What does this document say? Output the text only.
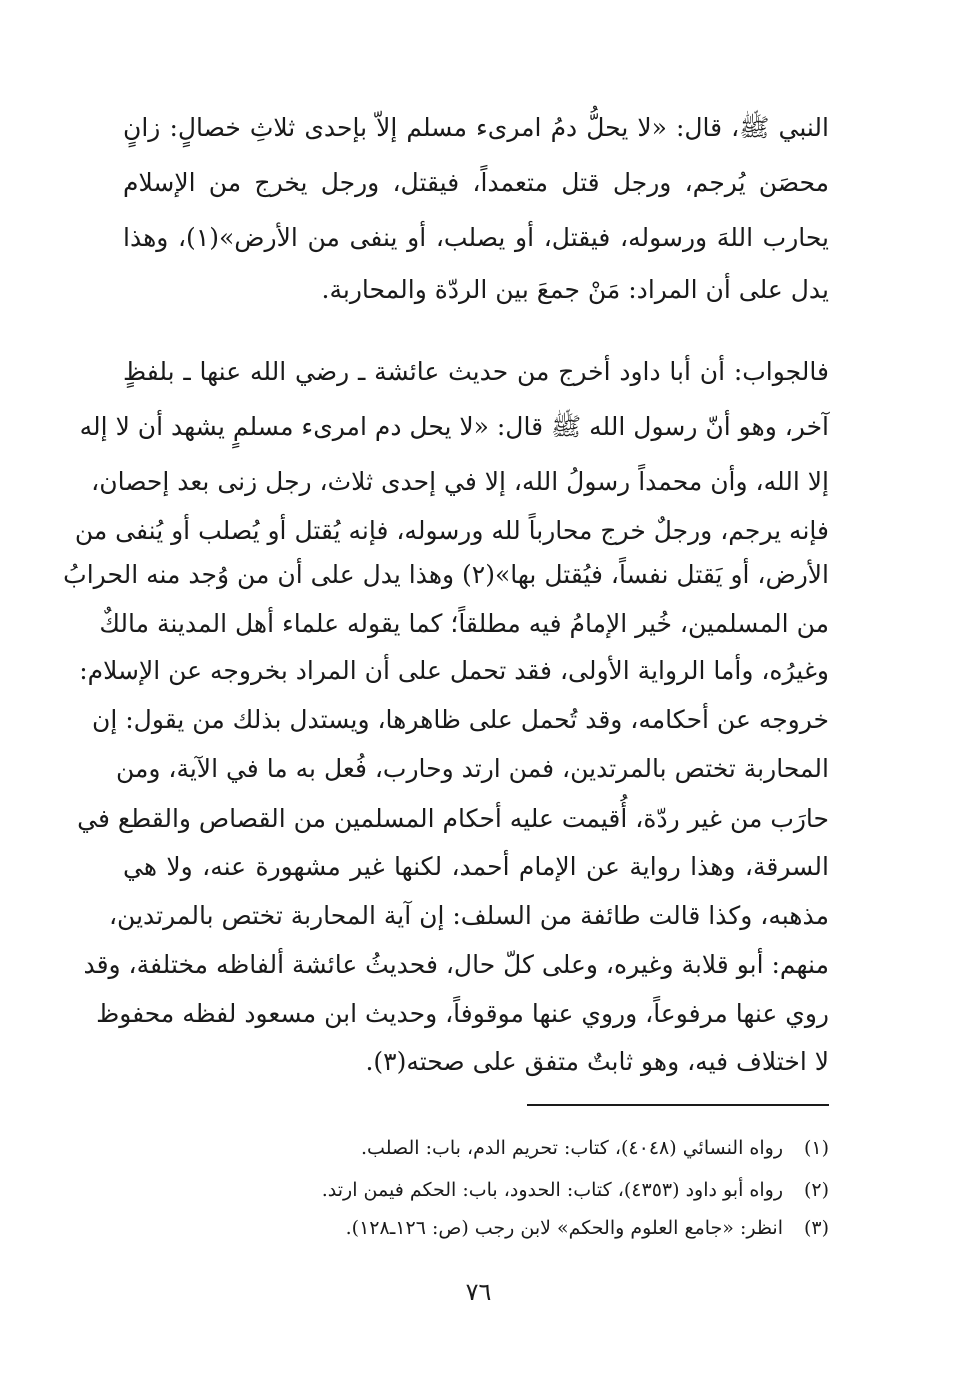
النبي ﷺ، قال: «لا يحلُّ دمُ امرىء مسلم إلاّ بإحدى ثلاثِ خصالٍ: زانٍ
محصَن يُرجم، ورجل قتل متعمداً، فيقتل، ورجل يخرج من الإسلام
يحارب اللهَ ورسوله، فيقتل، أو يصلب، أو ينفى من الأرض»(١)، وهذا
يدل على أن المراد: مَنْ جمعَ بين الردّة والمحاربة.
فالجواب: أن أبا داود أخرج من حديث عائشة ـ رضي الله عنها ـ بلفظٍ
آخر، وهو أنّ رسول الله ﷺ قال: «لا يحل دم امرىء مسلمٍ يشهد أن لا إله
إلا الله، وأن محمداً رسولُ الله، إلا في إحدى ثلاث، رجل زنى بعد إحصان،
فإنه يرجم، ورجلٌ خرج محارباً لله ورسوله، فإنه يُقتل أو يُصلب أو يُنفى من
الأرض، أو يَقتل نفساً، فيُقتل بها»(٢) وهذا يدل على أن من وُجد منه الحرابُ
من المسلمين، خُير الإمامُ فيه مطلقاً؛ كما يقوله علماء أهل المدينة مالكٌ
وغيرُه، وأما الرواية الأولى، فقد تحمل على أن المراد بخروجه عن الإسلام:
خروجه عن أحكامه، وقد تُحمل على ظاهرها، ويستدل بذلك من يقول: إن
المحاربة تختص بالمرتدين، فمن ارتد وحارب، فُعل به ما في الآية، ومن
حارَب من غير ردّة، أُقيمت عليه أحكام المسلمين من القصاص والقطع في
السرقة، وهذا رواية عن الإمام أحمد، لكنها غير مشهورة عنه، ولا هي
مذهبه، وكذا قالت طائفة من السلف: إن آية المحاربة تختص بالمرتدين،
منهم: أبو قلابة وغيره، وعلى كلّ حال، فحديثُ عائشة ألفاظه مختلفة، وقد
روي عنها مرفوعاً، وروي عنها موقوفاً، وحديث ابن مسعود لفظه محفوظ
لا اختلاف فيه، وهو ثابتٌ متفق على صحته(٣).
(١)رواه النسائي (٤٠٤٨)، كتاب: تحريم الدم، باب: الصلب.
(٢)رواه أبو داود (٤٣٥٣)، كتاب: الحدود، باب: الحكم فيمن ارتد.
(٣)انظر: «جامع العلوم والحكم» لابن رجب (ص: ١٢٦ـ١٢٨).
٧٦
